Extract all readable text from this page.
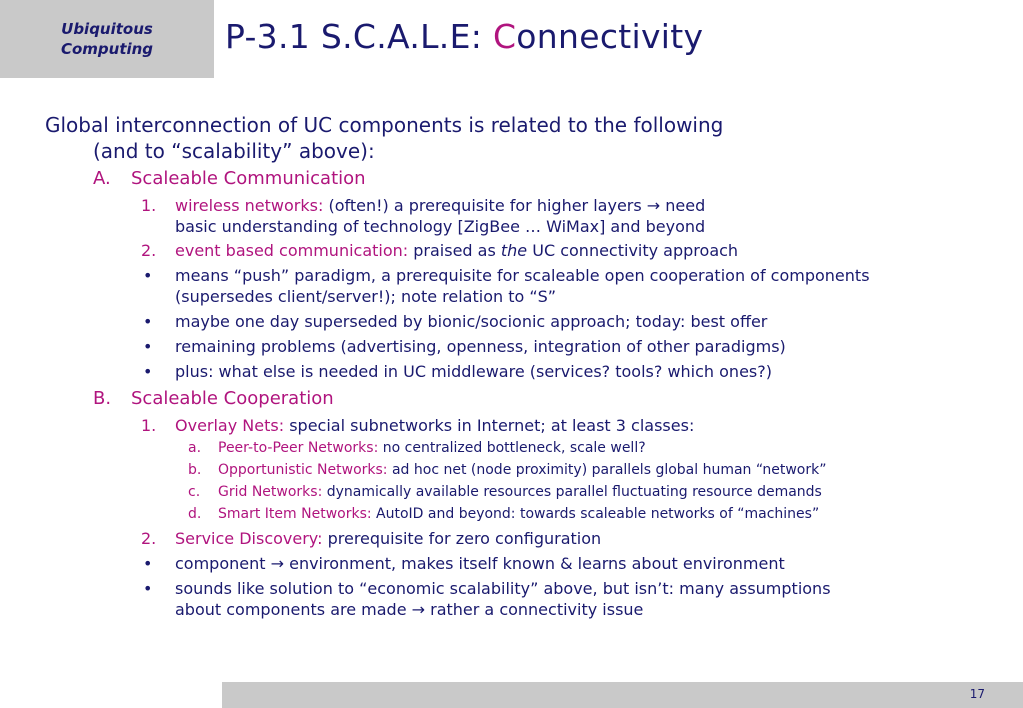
Ubiquitous
Computing P-3.1 S.C.A.L.E: Connectivity
Global interconnection of UC components is related to the following
(and to “scalability” above):
A. Scaleable Communication
1. wireless networks: (often!) a prerequisite for higher layers → need
basic understanding of technology [ZigBee … WiMax] and beyond
2. event based communication: praised as the UC connectivity approach
• means “push” paradigm, a prerequisite for scaleable open cooperation of components
(supersedes client/server!); note relation to “S”
• maybe one day superseded by bionic/socionic approach; today: best offer
• remaining problems (advertising, openness, integration of other paradigms)
• plus: what else is needed in UC middleware (services? tools? which ones?)
B. Scaleable Cooperation
1. Overlay Nets: special subnetworks in Internet; at least 3 classes:
a. Peer-to-Peer Networks: no centralized bottleneck, scale well?
b. Opportunistic Networks: ad hoc net (node proximity) parallels global human “network”
c. Grid Networks: dynamically available resources parallel fluctuating resource demands
d. Smart Item Networks: AutoID and beyond: towards scaleable networks of “machines”
2. Service Discovery: prerequisite for zero configuration
• component → environment, makes itself known & learns about environment
• sounds like solution to “economic scalability” above, but isn’t: many assumptions
about components are made → rather a connectivity issue
17
